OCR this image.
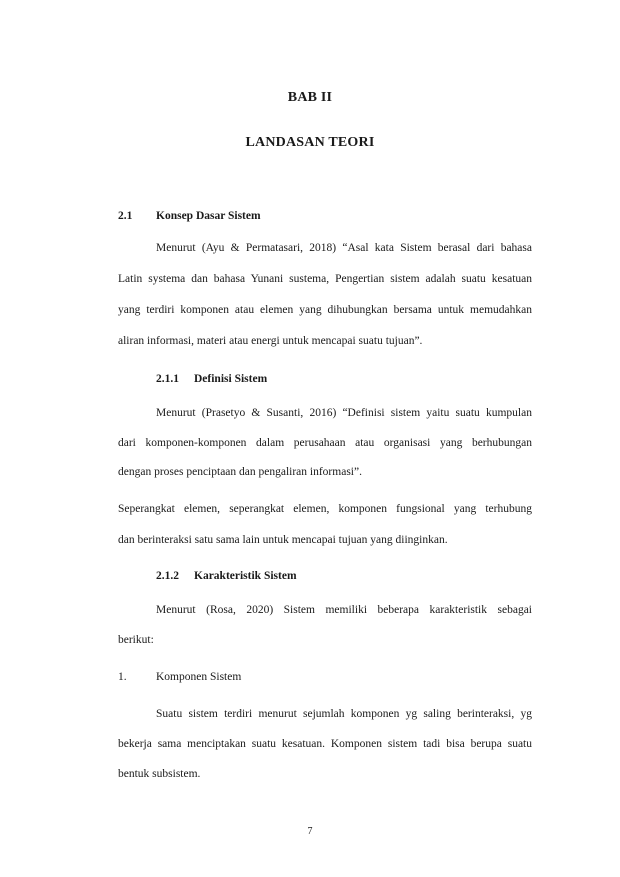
BAB II
LANDASAN TEORI
2.1 Konsep Dasar Sistem
Menurut (Ayu & Permatasari, 2018) “Asal kata Sistem berasal dari bahasa
Latin systema dan bahasa Yunani sustema, Pengertian sistem adalah suatu kesatuan
yang terdiri komponen atau elemen yang dihubungkan bersama untuk memudahkan
aliran informasi, materi atau energi untuk mencapai suatu tujuan”.
2.1.1 Definisi Sistem
Menurut (Prasetyo & Susanti, 2016) “Definisi sistem yaitu suatu kumpulan
dari komponen-komponen dalam perusahaan atau organisasi yang berhubungan
dengan proses penciptaan dan pengaliran informasi”.
Seperangkat elemen, seperangkat elemen, komponen fungsional yang terhubung
dan berinteraksi satu sama lain untuk mencapai tujuan yang diinginkan.
2.1.2 Karakteristik Sistem
Menurut (Rosa, 2020) Sistem memiliki beberapa karakteristik sebagai
berikut:
1.	Komponen Sistem
Suatu sistem terdiri menurut sejumlah komponen yg saling berinteraksi, yg
bekerja sama menciptakan suatu kesatuan. Komponen sistem tadi bisa berupa suatu
bentuk subsistem.
7
